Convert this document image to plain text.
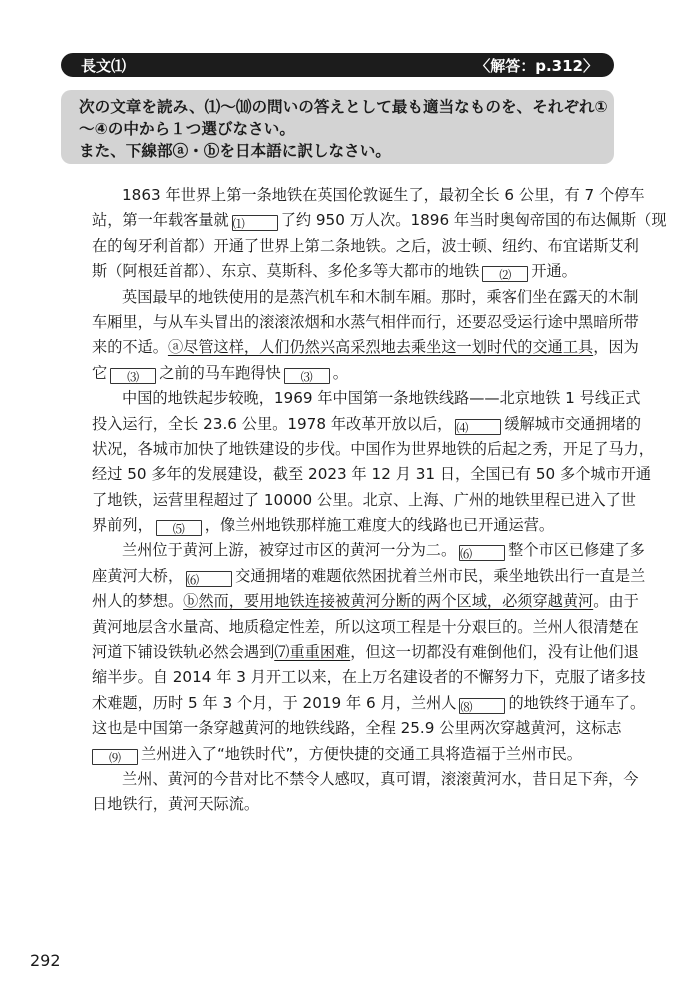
長文⑴	〈解答：p.312〉
次の文章を読み、⑴〜⑽の問いの答えとして最も適当なものを、それぞれ①
〜④の中から１つ選びなさい。
また、下線部ⓐ・ⓑを日本語に訳しなさい。
1863 年世界上第一条地铁在英国伦敦诞生了，最初全长 6 公里，有 7 个停车
站，第一年载客量就 ⑴ 了约 950 万人次。1896 年当时奥匈帝国的布达佩斯（现
在的匈牙利首都）开通了世界上第二条地铁。之后，波士顿、纽约、布宜诺斯艾利
斯（阿根廷首都）、东京、莫斯科、多伦多等大都市的地铁 ⑵ 开通。
英国最早的地铁使用的是蒸汽机车和木制车厢。那时，乘客们坐在露天的木制
车厢里，与从车头冒出的滚滚浓烟和水蒸气相伴而行，还要忍受运行途中黑暗所带
来的不适。ⓐ尽管这样，人们仍然兴高采烈地去乘坐这一划时代的交通工具，因为
它 ⑶ 之前的马车跑得快 ⑶ 。
中国的地铁起步较晚，1969 年中国第一条地铁线路——北京地铁 1 号线正式
投入运行，全长 23.6 公里。1978 年改革开放以后， ⑷ 缓解城市交通拥堵的
状况，各城市加快了地铁建设的步伐。中国作为世界地铁的后起之秀，开足了马力，
经过 50 多年的发展建设，截至 2023 年 12 月 31 日，全国已有 50 多个城市开通
了地铁，运营里程超过了 10000 公里。北京、上海、广州的地铁里程已进入了世
界前列， ⑸ ，像兰州地铁那样施工难度大的线路也已开通运营。
兰州位于黄河上游，被穿过市区的黄河一分为二。 ⑹ 整个市区已修建了多
座黄河大桥， ⑹ 交通拥堵的难题依然困扰着兰州市民，乘坐地铁出行一直是兰
州人的梦想。ⓑ然而，要用地铁连接被黄河分断的两个区域，必须穿越黄河。由于
黄河地层含水量高、地质稳定性差，所以这项工程是十分艰巨的。兰州人很清楚在
河道下铺设铁轨必然会遇到⑺重重困难，但这一切都没有难倒他们，没有让他们退
缩半步。自 2014 年 3 月开工以来，在上万名建设者的不懈努力下，克服了诸多技
术难题，历时 5 年 3 个月，于 2019 年 6 月，兰州人 ⑻ 的地铁终于通车了。
这也是中国第一条穿越黄河的地铁线路，全程 25.9 公里两次穿越黄河，这标志
⑼ 兰州进入了“地铁时代”，方便快捷的交通工具将造福于兰州市民。
兰州、黄河的今昔对比不禁令人感叹，真可谓，滚滚黄河水，昔日足下奔，今
日地铁行，黄河天际流。
292
